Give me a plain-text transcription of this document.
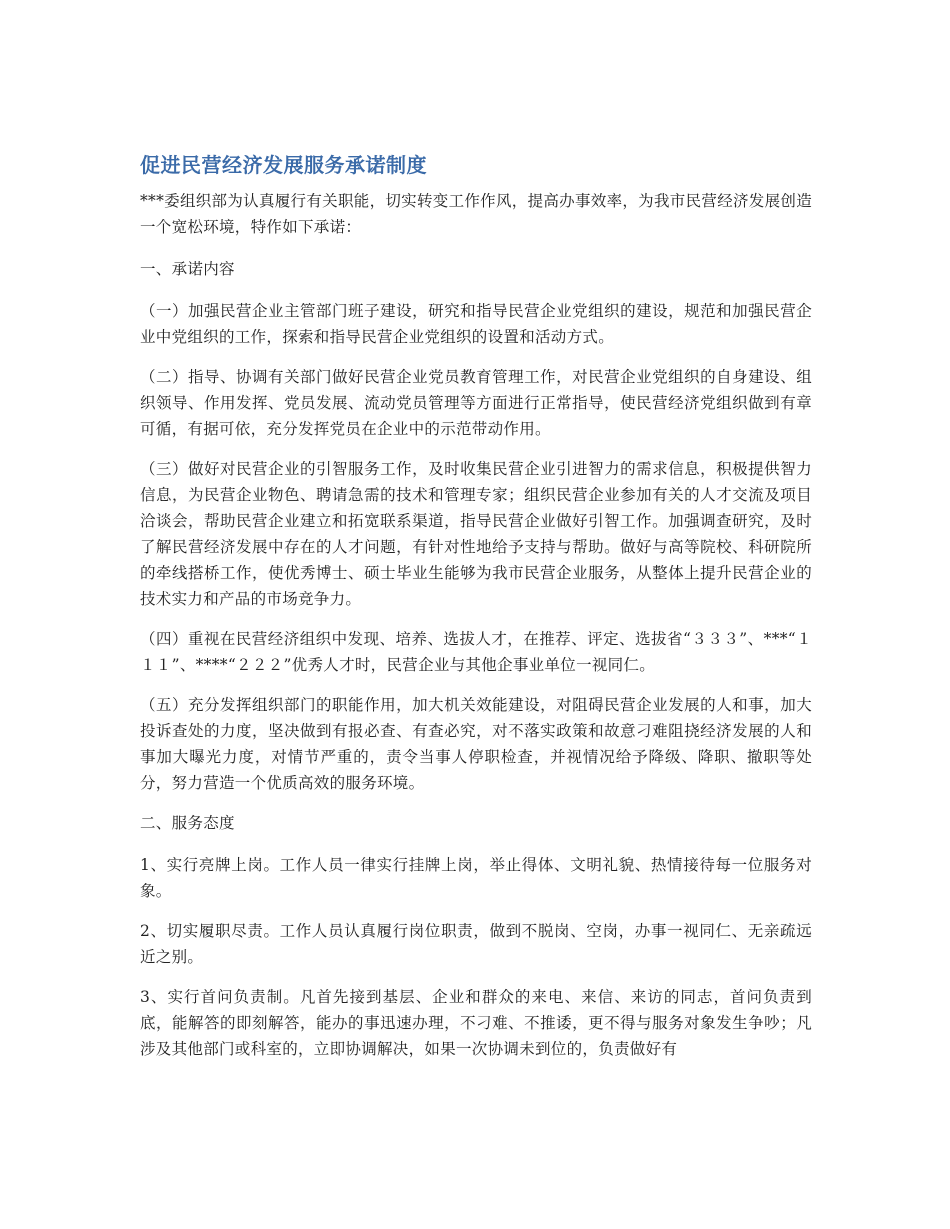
促进民营经济发展服务承诺制度

***委组织部为认真履行有关职能，切实转变工作作风，提高办事效率，为我市民营经济发展创造一个宽松环境，特作如下承诺：

一、承诺内容

（一）加强民营企业主管部门班子建设，研究和指导民营企业党组织的建设，规范和加强民营企业中党组织的工作，探索和指导民营企业党组织的设置和活动方式。

（二）指导、协调有关部门做好民营企业党员教育管理工作，对民营企业党组织的自身建设、组织领导、作用发挥、党员发展、流动党员管理等方面进行正常指导，使民营经济党组织做到有章可循，有据可依，充分发挥党员在企业中的示范带动作用。

（三）做好对民营企业的引智服务工作，及时收集民营企业引进智力的需求信息，积极提供智力信息，为民营企业物色、聘请急需的技术和管理专家；组织民营企业参加有关的人才交流及项目洽谈会，帮助民营企业建立和拓宽联系渠道，指导民营企业做好引智工作。加强调查研究，及时了解民营经济发展中存在的人才问题，有针对性地给予支持与帮助。做好与高等院校、科研院所的牵线搭桥工作，使优秀博士、硕士毕业生能够为我市民营企业服务，从整体上提升民营企业的技术实力和产品的市场竞争力。

（四）重视在民营经济组织中发现、培养、选拔人才，在推荐、评定、选拔省“３３３”、***“１１１”、****“２２２”优秀人才时，民营企业与其他企事业单位一视同仁。

（五）充分发挥组织部门的职能作用，加大机关效能建设，对阻碍民营企业发展的人和事，加大投诉查处的力度，坚决做到有报必查、有查必究，对不落实政策和故意刁难阻挠经济发展的人和事加大曝光力度，对情节严重的，责令当事人停职检查，并视情况给予降级、降职、撤职等处分，努力营造一个优质高效的服务环境。

二、服务态度

1、实行亮牌上岗。工作人员一律实行挂牌上岗，举止得体、文明礼貌、热情接待每一位服务对象。

2、切实履职尽责。工作人员认真履行岗位职责，做到不脱岗、空岗，办事一视同仁、无亲疏远近之别。

3、实行首问负责制。凡首先接到基层、企业和群众的来电、来信、来访的同志，首问负责到底，能解答的即刻解答，能办的事迅速办理，不刁难、不推诿，更不得与服务对象发生争吵；凡涉及其他部门或科室的，立即协调解决，如果一次协调未到位的，负责做好有
